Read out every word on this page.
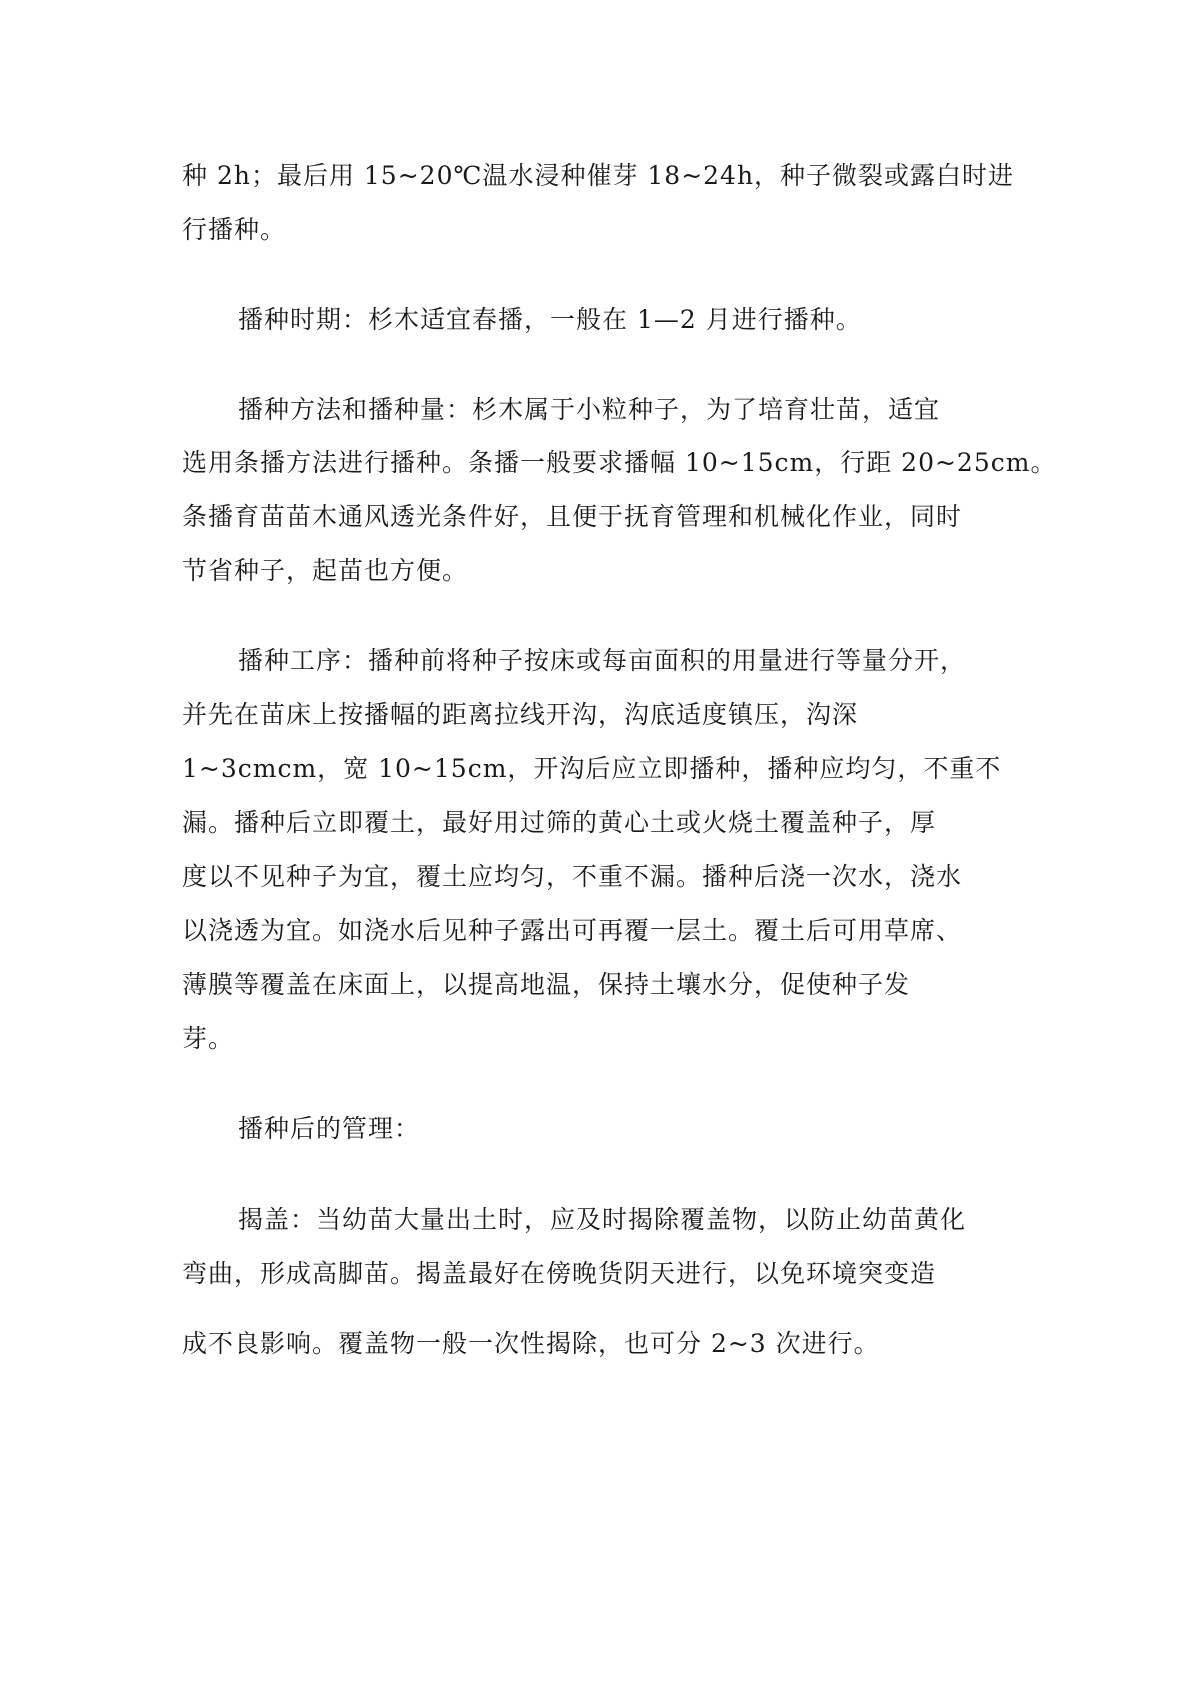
种 2h；最后用 15~20℃温水浸种催芽 18~24h，种子微裂或露白时进
行播种。
播种时期：杉木适宜春播，一般在 1—2 月进行播种。
播种方法和播种量：杉木属于小粒种子，为了培育壮苗，适宜
选用条播方法进行播种。条播一般要求播幅 10~15cm，行距 20~25cm。
条播育苗苗木通风透光条件好，且便于抚育管理和机械化作业，同时
节省种子，起苗也方便。
播种工序：播种前将种子按床或每亩面积的用量进行等量分开，
并先在苗床上按播幅的距离拉线开沟，沟底适度镇压，沟深
1~3cmcm，宽 10~15cm，开沟后应立即播种，播种应均匀，不重不
漏。播种后立即覆土，最好用过筛的黄心土或火烧土覆盖种子，厚
度以不见种子为宜，覆土应均匀，不重不漏。播种后浇一次水，浇水
以浇透为宜。如浇水后见种子露出可再覆一层土。覆土后可用草席、
薄膜等覆盖在床面上，以提高地温，保持土壤水分，促使种子发
芽。
播种后的管理：
揭盖：当幼苗大量出土时，应及时揭除覆盖物，以防止幼苗黄化
弯曲，形成高脚苗。揭盖最好在傍晚货阴天进行，以免环境突变造
成不良影响。覆盖物一般一次性揭除，也可分 2~3 次进行。
